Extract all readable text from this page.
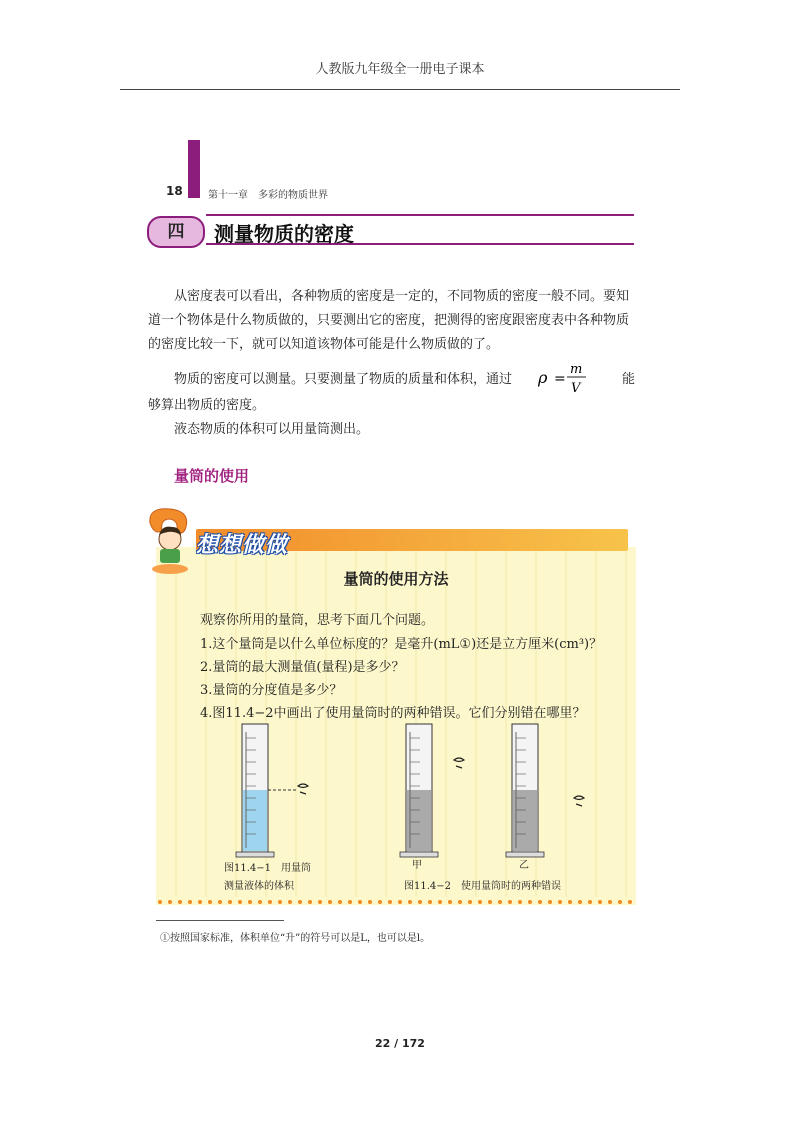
人教版九年级全一册电子课本
18	第十一章　多彩的物质世界
四	测量物质的密度
从密度表可以看出，各种物质的密度是一定的，不同物质的密度一般不同。要知道一个物体是什么物质做的，只要测出它的密度，把测得的密度跟密度表中各种物质的密度比较一下，就可以知道该物体可能是什么物质做的了。
物质的密度可以测量。只要测量了物质的质量和体积，通过 ρ =
m
V
能
够算出物质的密度。
液态物质的体积可以用量筒测出。
量筒的使用
想想做做
量筒的使用方法
观察你所用的量筒，思考下面几个问题。
1.这个量筒是以什么单位标度的？是毫升(mL①)还是立方厘米(cm³)？
2.量筒的最大测量值(量程)是多少？
3.量筒的分度值是多少？
4.图11.4−2中画出了使用量筒时的两种错误。它们分别错在哪里？
图11.4−1　用量筒
测量液体的体积
甲	乙
图11.4−2　使用量筒时的两种错误
①按照国家标准，体积单位“升”的符号可以是L，也可以是l。
22 / 172
